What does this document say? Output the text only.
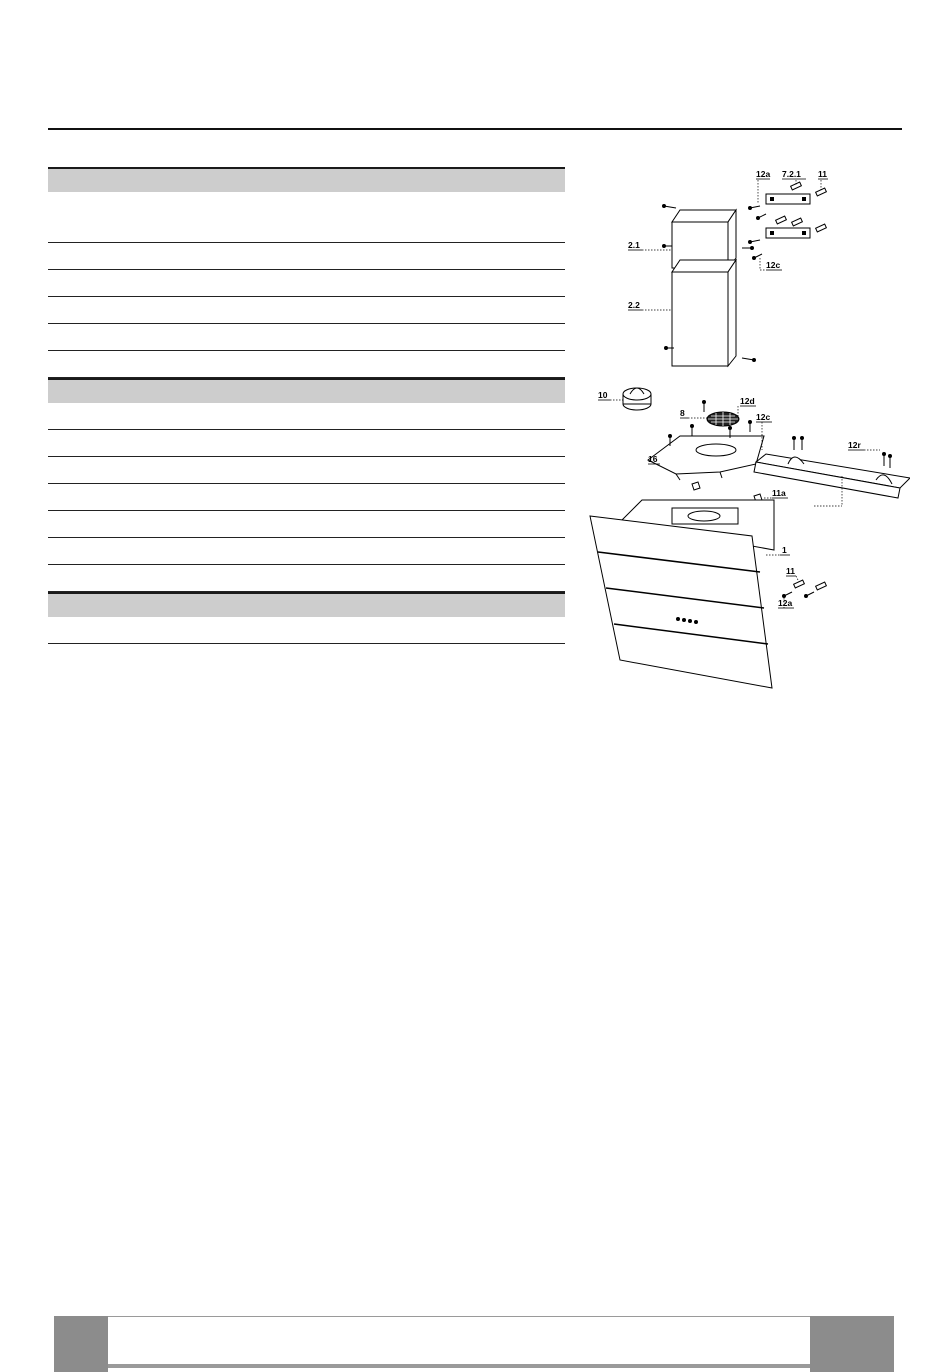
12a 7.2.1 11
2.1
12c
2.2
10
8
12d
12c
16
12r
11a
1
11
12a
